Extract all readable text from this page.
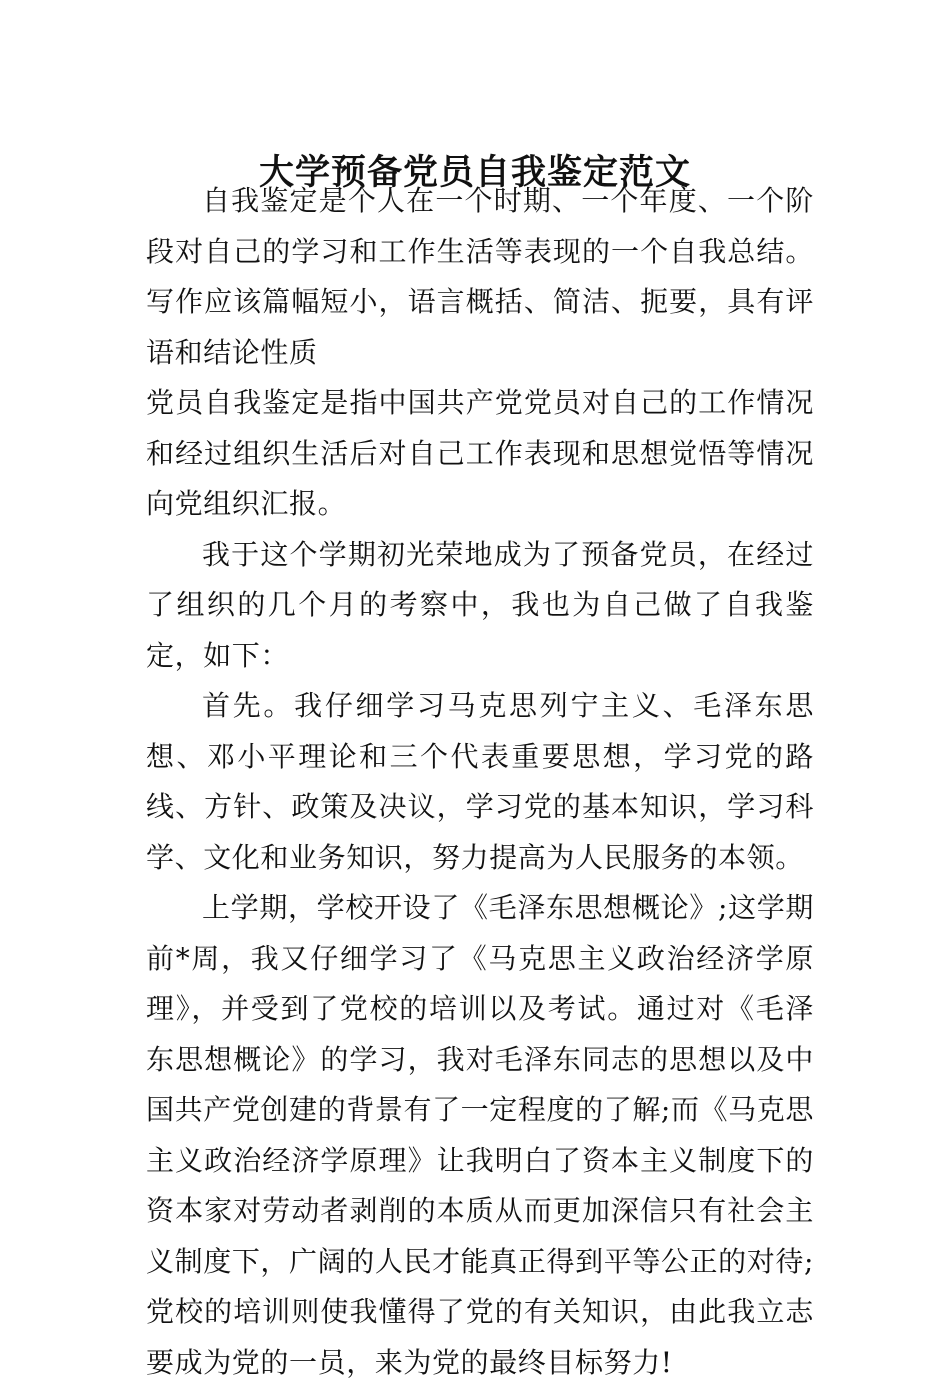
大学预备党员自我鉴定范文

自我鉴定是个人在一个时期、一个年度、一个阶段对自己的学习和工作生活等表现的一个自我总结。写作应该篇幅短小，语言概括、简洁、扼要，具有评语和结论性质

党员自我鉴定是指中国共产党党员对自己的工作情况和经过组织生活后对自己工作表现和思想觉悟等情况向党组织汇报。

我于这个学期初光荣地成为了预备党员，在经过了组织的几个月的考察中，我也为自己做了自我鉴定，如下：

首先。我仔细学习马克思列宁主义、毛泽东思想、邓小平理论和三个代表重要思想，学习党的路线、方针、政策及决议，学习党的基本知识，学习科学、文化和业务知识，努力提高为人民服务的本领。

上学期，学校开设了《毛泽东思想概论》;这学期前*周，我又仔细学习了《马克思主义政治经济学原理》，并受到了党校的培训以及考试。通过对《毛泽东思想概论》的学习，我对毛泽东同志的思想以及中国共产党创建的背景有了一定程度的了解;而《马克思主义政治经济学原理》让我明白了资本主义制度下的资本家对劳动者剥削的本质从而更加深信只有社会主义制度下，广阔的人民才能真正得到平等公正的对待;党校的培训则使我懂得了党的有关知识，由此我立志要成为党的一员，来为党的最终目标努力!
